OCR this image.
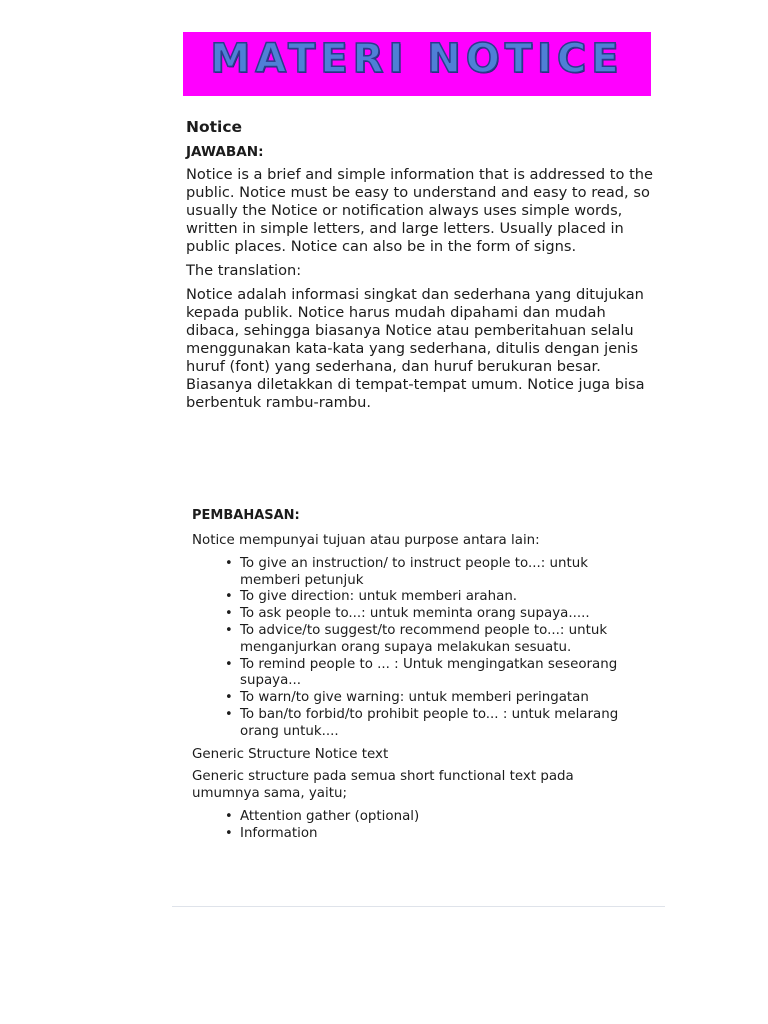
MATERI NOTICE
Notice
JAWABAN:
Notice is a brief and simple information that is addressed to the public. Notice must be easy to understand and easy to read, so usually the Notice or notification always uses simple words, written in simple letters, and large letters. Usually placed in public places. Notice can also be in the form of signs.
The translation:
Notice adalah informasi singkat dan sederhana yang ditujukan kepada publik. Notice harus mudah dipahami dan mudah dibaca, sehingga biasanya Notice atau pemberitahuan selalu menggunakan kata-kata yang sederhana, ditulis dengan jenis huruf (font) yang sederhana, dan huruf berukuran besar. Biasanya diletakkan di tempat-tempat umum. Notice juga bisa berbentuk rambu-rambu.
PEMBAHASAN:
Notice mempunyai tujuan atau purpose antara lain:
• To give an instruction/ to instruct people to...: untuk memberi petunjuk
• To give direction: untuk memberi arahan.
• To ask people to...: untuk meminta orang supaya.....
• To advice/to suggest/to recommend people to...: untuk menganjurkan orang supaya melakukan sesuatu.
• To remind people to ... : Untuk mengingatkan seseorang supaya...
• To warn/to give warning: untuk memberi peringatan
• To ban/to forbid/to prohibit people to... : untuk melarang orang untuk....
Generic Structure Notice text
Generic structure pada semua short functional text pada umumnya sama, yaitu;
• Attention gather (optional)
• Information
